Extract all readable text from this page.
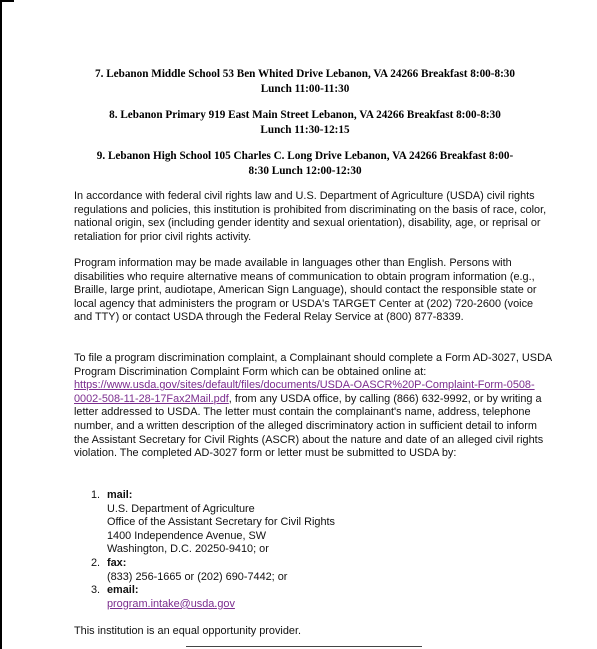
7. Lebanon Middle School 53 Ben Whited Drive Lebanon, VA 24266 Breakfast 8:00-8:30
Lunch 11:00-11:30
8. Lebanon Primary 919 East Main Street Lebanon, VA 24266 Breakfast 8:00-8:30
Lunch 11:30-12:15
9. Lebanon High School 105 Charles C. Long Drive Lebanon, VA 24266 Breakfast 8:00-
8:30 Lunch 12:00-12:30
In accordance with federal civil rights law and U.S. Department of Agriculture (USDA) civil rights regulations and policies, this institution is prohibited from discriminating on the basis of race, color, national origin, sex (including gender identity and sexual orientation), disability, age, or reprisal or retaliation for prior civil rights activity.
Program information may be made available in languages other than English. Persons with disabilities who require alternative means of communication to obtain program information (e.g., Braille, large print, audiotape, American Sign Language), should contact the responsible state or local agency that administers the program or USDA's TARGET Center at (202) 720-2600 (voice and TTY) or contact USDA through the Federal Relay Service at (800) 877-8339.
To file a program discrimination complaint, a Complainant should complete a Form AD-3027, USDA Program Discrimination Complaint Form which can be obtained online at: https://www.usda.gov/sites/default/files/documents/USDA-OASCR%20P-Complaint-Form-0508-0002-508-11-28-17Fax2Mail.pdf, from any USDA office, by calling (866) 632-9992, or by writing a letter addressed to USDA. The letter must contain the complainant's name, address, telephone number, and a written description of the alleged discriminatory action in sufficient detail to inform the Assistant Secretary for Civil Rights (ASCR) about the nature and date of an alleged civil rights violation. The completed AD-3027 form or letter must be submitted to USDA by:
1. mail:
U.S. Department of Agriculture
Office of the Assistant Secretary for Civil Rights
1400 Independence Avenue, SW
Washington, D.C. 20250-9410; or
2. fax:
(833) 256-1665 or (202) 690-7442; or
3. email:
program.intake@usda.gov
This institution is an equal opportunity provider.
